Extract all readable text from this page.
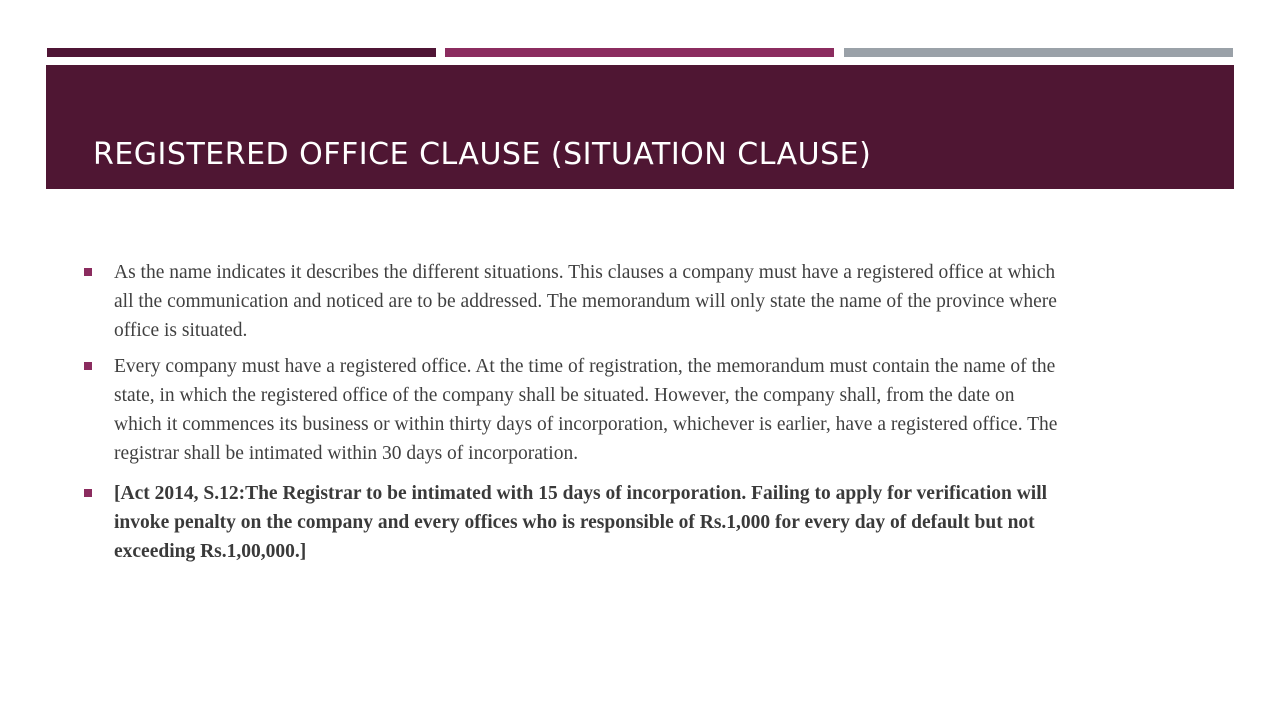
REGISTERED OFFICE CLAUSE (SITUATION CLAUSE)

As the name indicates it describes the different situations. This clauses a company must have a registered office at which all the communication and noticed are to be addressed. The memorandum will only state the name of the province where office is situated.

Every company must have a registered office. At the time of registration, the memorandum must contain the name of the state, in which the registered office of the company shall be situated. However, the company shall, from the date on which it commences its business or within thirty days of incorporation, whichever is earlier, have a registered office. The registrar shall be intimated within 30 days of incorporation.

[Act 2014, S.12:The Registrar to be intimated with 15 days of incorporation. Failing to apply for verification will invoke penalty on the company and every offices who is responsible of Rs.1,000 for every day of default but not exceeding Rs.1,00,000.]
